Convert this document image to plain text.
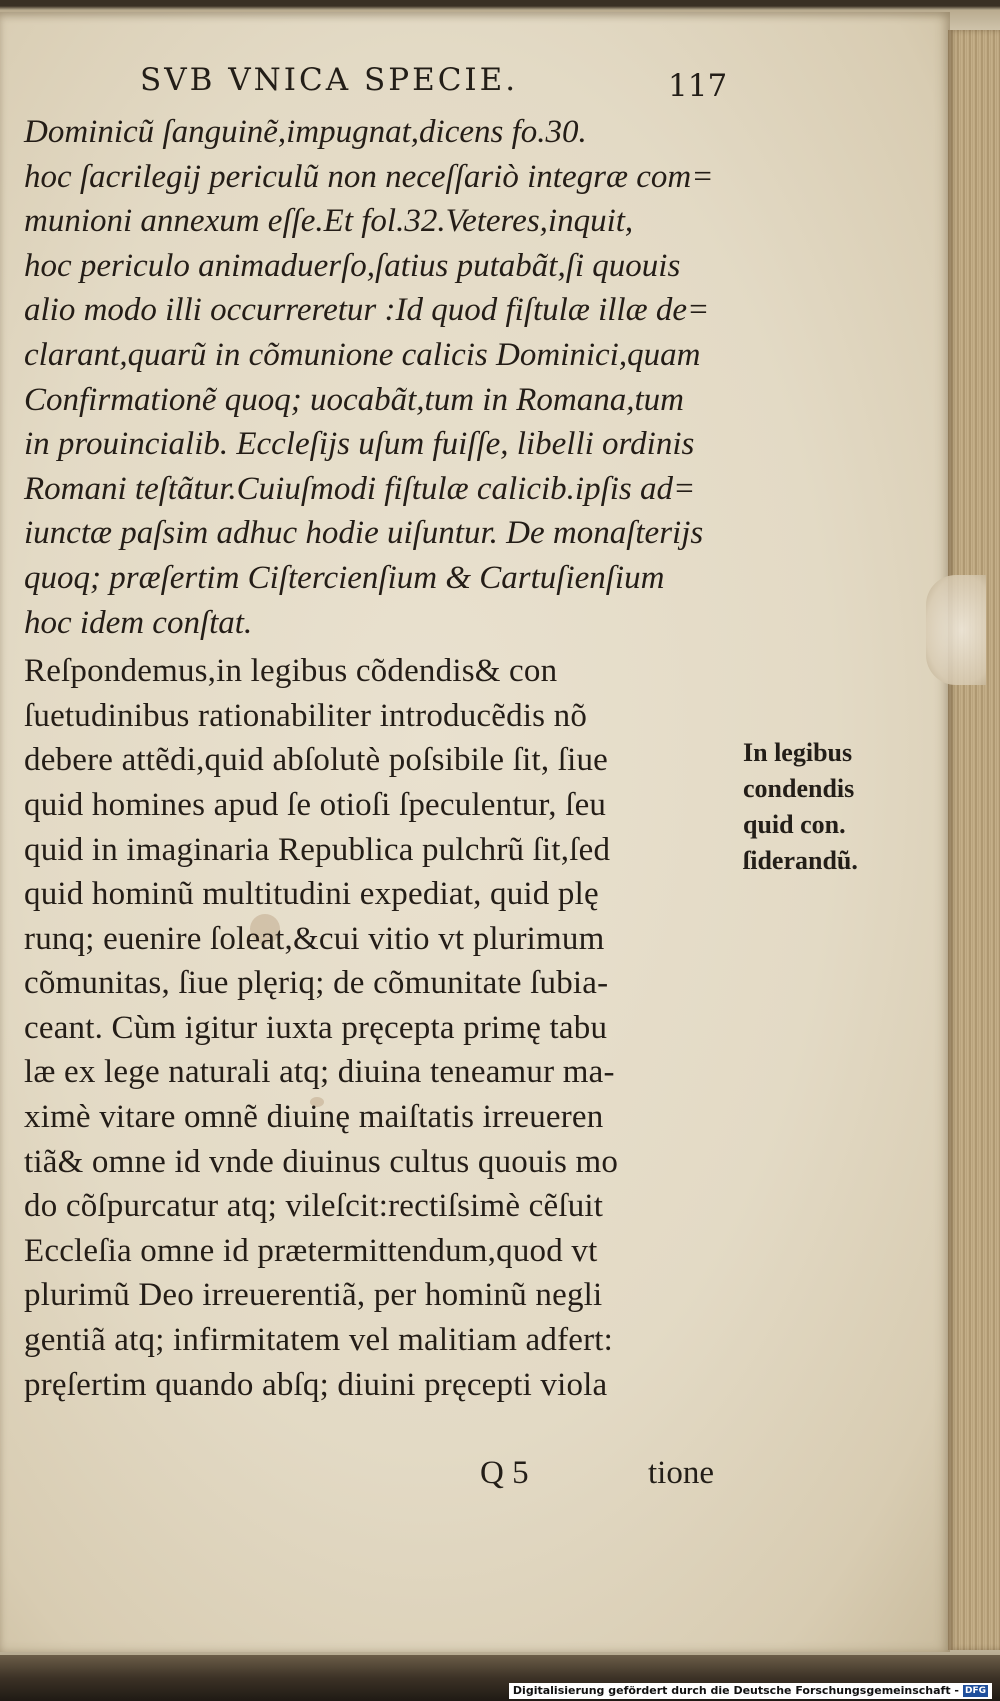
SVB VNICA SPECIE.	117
Dominicũ ſanguinẽ,impugnat,dicens fo.30.
hoc ſacrilegij periculũ non neceſſariò integræ com=
munioni annexum eſſe.Et fol.32.Veteres,inquit,
hoc periculo animaduerſo,ſatius putabãt,ſi quouis
alio modo illi occurreretur :Id quod fiſtulæ illæ de=
clarant,quarũ in cõmunione calicis Dominici,quam
Confirmationẽ quoq; uocabãt,tum in Romana,tum
in prouincialib. Eccleſijs uſum fuiſſe, libelli ordinis
Romani teſtãtur.Cuiuſmodi fiſtulæ calicib.ipſis ad=
iunctæ paſsim adhuc hodie uiſuntur. De monaſterijs
quoq; præſertim Ciſtercienſium & Cartuſienſium
hoc idem conſtat.
Reſpondemus,in legibus cõdendis& con
ſuetudinibus rationabiliter introducẽdis nõ
debere attẽdi,quid abſolutè poſsibile ſit, ſiue
quid homines apud ſe otioſi ſpeculentur, ſeu
quid in imaginaria Republica pulchrũ ſit,ſed
quid hominũ multitudini expediat, quid plę
runq; euenire ſoleat,&cui vitio vt plurimum
cõmunitas, ſiue plęriq; de cõmunitate ſubia-
ceant. Cùm igitur iuxta pręcepta primę tabu
læ ex lege naturali atq; diuina teneamur ma-
ximè vitare omnẽ diuinę maiſtatis irreueren
tiã& omne id vnde diuinus cultus quouis mo
do cõſpurcatur atq; vileſcit:rectiſsimè cẽſuit
Eccleſia omne id prætermittendum,quod vt
plurimũ Deo irreuerentiã, per hominũ negli
gentiã atq; infirmitatem vel malitiam adfert:
pręſertim quando abſq; diuini pręcepti viola
In legibus
condendis
quid con.
ſiderandũ.
Q 5	tione
Digitalisierung gefördert durch die Deutsche Forschungsgemeinschaft - DFG
